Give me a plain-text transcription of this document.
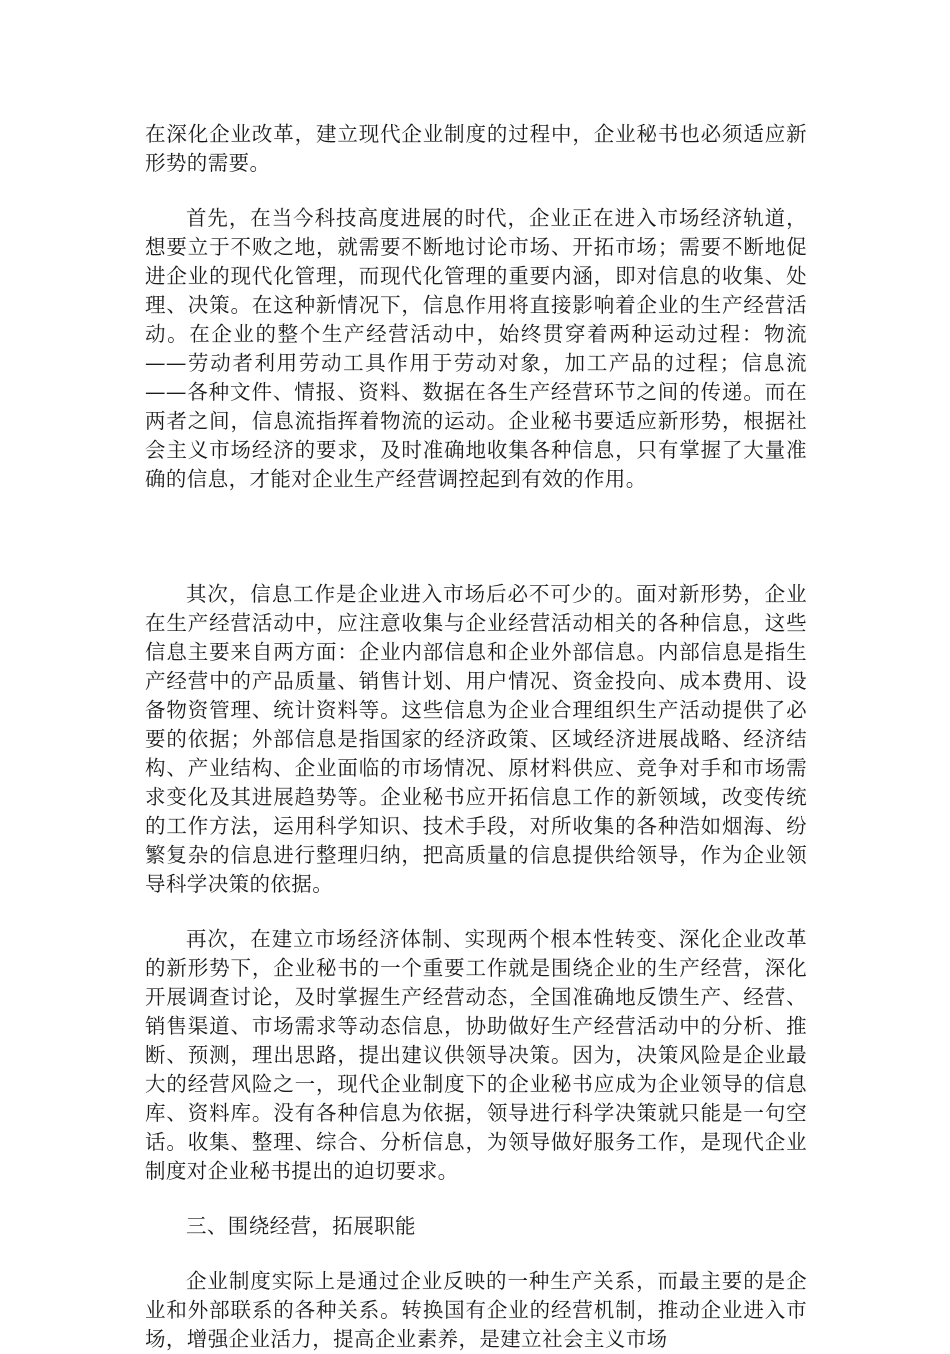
在深化企业改革，建立现代企业制度的过程中，企业秘书也必须适应新形势的需要。

首先，在当今科技高度进展的时代，企业正在进入市场经济轨道，想要立于不败之地，就需要不断地讨论市场、开拓市场；需要不断地促进企业的现代化管理，而现代化管理的重要内涵，即对信息的收集、处理、决策。在这种新情况下，信息作用将直接影响着企业的生产经营活动。在企业的整个生产经营活动中，始终贯穿着两种运动过程：物流——劳动者利用劳动工具作用于劳动对象，加工产品的过程；信息流——各种文件、情报、资料、数据在各生产经营环节之间的传递。而在两者之间，信息流指挥着物流的运动。企业秘书要适应新形势，根据社会主义市场经济的要求，及时准确地收集各种信息，只有掌握了大量准确的信息，才能对企业生产经营调控起到有效的作用。

其次，信息工作是企业进入市场后必不可少的。面对新形势，企业在生产经营活动中，应注意收集与企业经营活动相关的各种信息，这些信息主要来自两方面：企业内部信息和企业外部信息。内部信息是指生产经营中的产品质量、销售计划、用户情况、资金投向、成本费用、设备物资管理、统计资料等。这些信息为企业合理组织生产活动提供了必要的依据；外部信息是指国家的经济政策、区域经济进展战略、经济结构、产业结构、企业面临的市场情况、原材料供应、竞争对手和市场需求变化及其进展趋势等。企业秘书应开拓信息工作的新领域，改变传统的工作方法，运用科学知识、技术手段，对所收集的各种浩如烟海、纷繁复杂的信息进行整理归纳，把高质量的信息提供给领导，作为企业领导科学决策的依据。

再次，在建立市场经济体制、实现两个根本性转变、深化企业改革的新形势下，企业秘书的一个重要工作就是围绕企业的生产经营，深化开展调查讨论，及时掌握生产经营动态，全国准确地反馈生产、经营、销售渠道、市场需求等动态信息，协助做好生产经营活动中的分析、推断、预测，理出思路，提出建议供领导决策。因为，决策风险是企业最大的经营风险之一，现代企业制度下的企业秘书应成为企业领导的信息库、资料库。没有各种信息为依据，领导进行科学决策就只能是一句空话。收集、整理、综合、分析信息，为领导做好服务工作，是现代企业制度对企业秘书提出的迫切要求。

三、围绕经营，拓展职能

企业制度实际上是通过企业反映的一种生产关系，而最主要的是企业和外部联系的各种关系。转换国有企业的经营机制，推动企业进入市场，增强企业活力，提高企业素养，是建立社会主义市场
